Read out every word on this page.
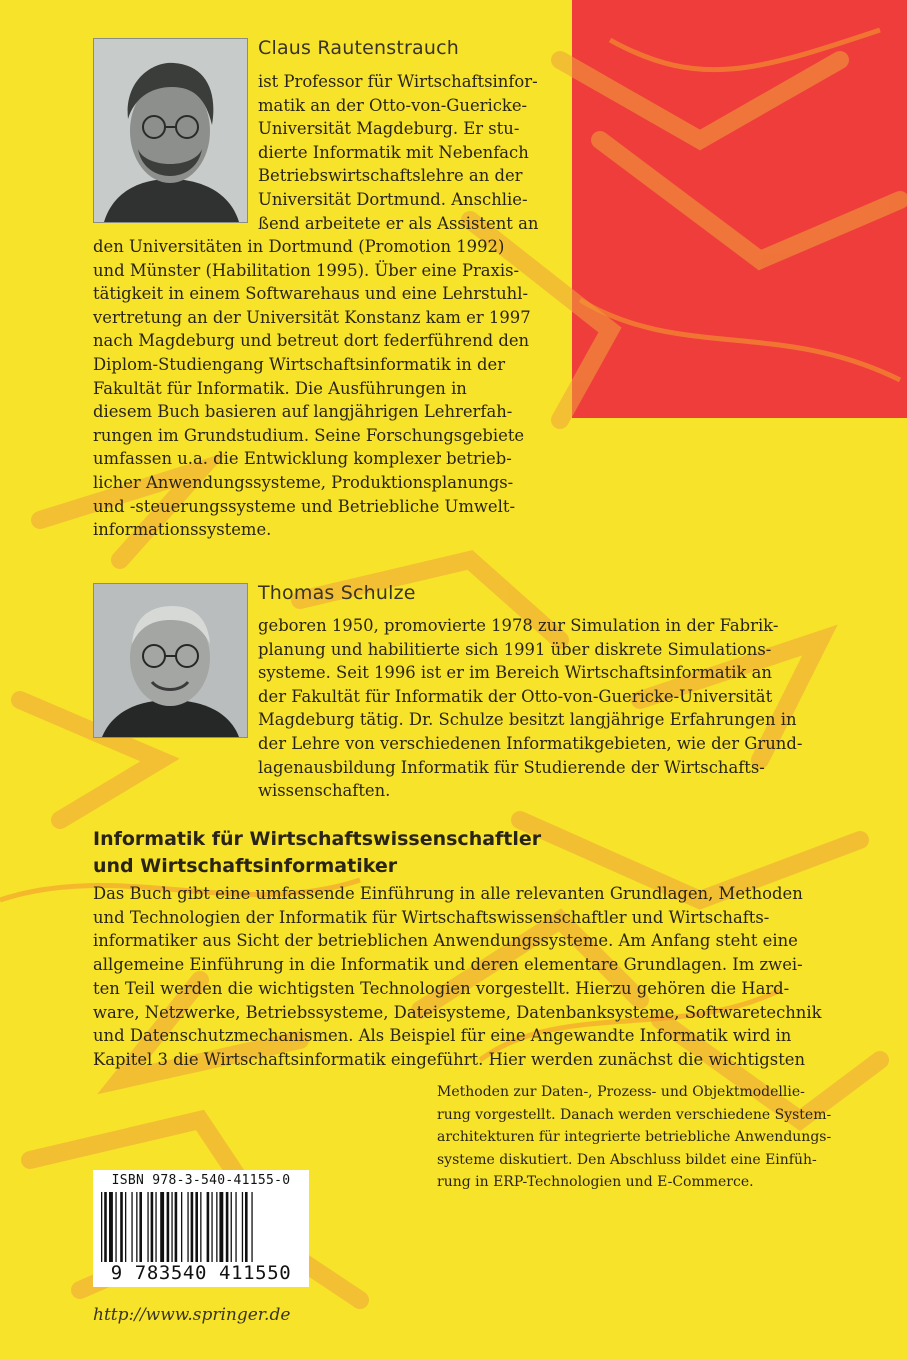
Claus Rautenstrauch

ist Professor für Wirtschaftsinfor-
matik an der Otto-von-Guericke-
Universität Magdeburg. Er stu-
dierte Informatik mit Nebenfach
Betriebswirtschaftslehre an der
Universität Dortmund. Anschlie-
ßend arbeitete er als Assistent an

den Universitäten in Dortmund (Promotion 1992)
und Münster (Habilitation 1995). Über eine Praxis-
tätigkeit in einem Softwarehaus und eine Lehrstuhl-
vertretung an der Universität Konstanz kam er 1997
nach Magdeburg und betreut dort federführend den
Diplom-Studiengang Wirtschaftsinformatik in der
Fakultät für Informatik. Die Ausführungen in
diesem Buch basieren auf langjährigen Lehrerfah-
rungen im Grundstudium. Seine Forschungsgebiete
umfassen u.a. die Entwicklung komplexer betrieb-
licher Anwendungssysteme, Produktionsplanungs-
und -steuerungssysteme und Betriebliche Umwelt-
informationssysteme.

Thomas Schulze

geboren 1950, promovierte 1978 zur Simulation in der Fabrik-
planung und habilitierte sich 1991 über diskrete Simulations-
systeme. Seit 1996 ist er im Bereich Wirtschaftsinformatik an
der Fakultät für Informatik der Otto-von-Guericke-Universität
Magdeburg tätig. Dr. Schulze besitzt langjährige Erfahrungen in
der Lehre von verschiedenen Informatikgebieten, wie der Grund-
lagenausbildung Informatik für Studierende der Wirtschafts-
wissenschaften.

Informatik für Wirtschaftswissenschaftler
und Wirtschaftsinformatiker

Das Buch gibt eine umfassende Einführung in alle relevanten Grundlagen, Methoden
und Technologien der Informatik für Wirtschaftswissenschaftler und Wirtschafts-
informatiker aus Sicht der betrieblichen Anwendungssysteme. Am Anfang steht eine
allgemeine Einführung in die Informatik und deren elementare Grundlagen. Im zwei-
ten Teil werden die wichtigsten Technologien vorgestellt. Hierzu gehören die Hard-
ware, Netzwerke, Betriebssysteme, Dateisysteme, Datenbanksysteme, Softwaretechnik
und Datenschutzmechanismen. Als Beispiel für eine Angewandte Informatik wird in
Kapitel 3 die Wirtschaftsinformatik eingeführt. Hier werden zunächst die wichtigsten

Methoden zur Daten-, Prozess- und Objektmodellie-
rung vorgestellt. Danach werden verschiedene System-
architekturen für integrierte betriebliche Anwendungs-
systeme diskutiert. Den Abschluss bildet eine Einfüh-
rung in ERP-Technologien und E-Commerce.

ISBN 978-3-540-41155-0
9 783540 411550
http://www.springer.de
